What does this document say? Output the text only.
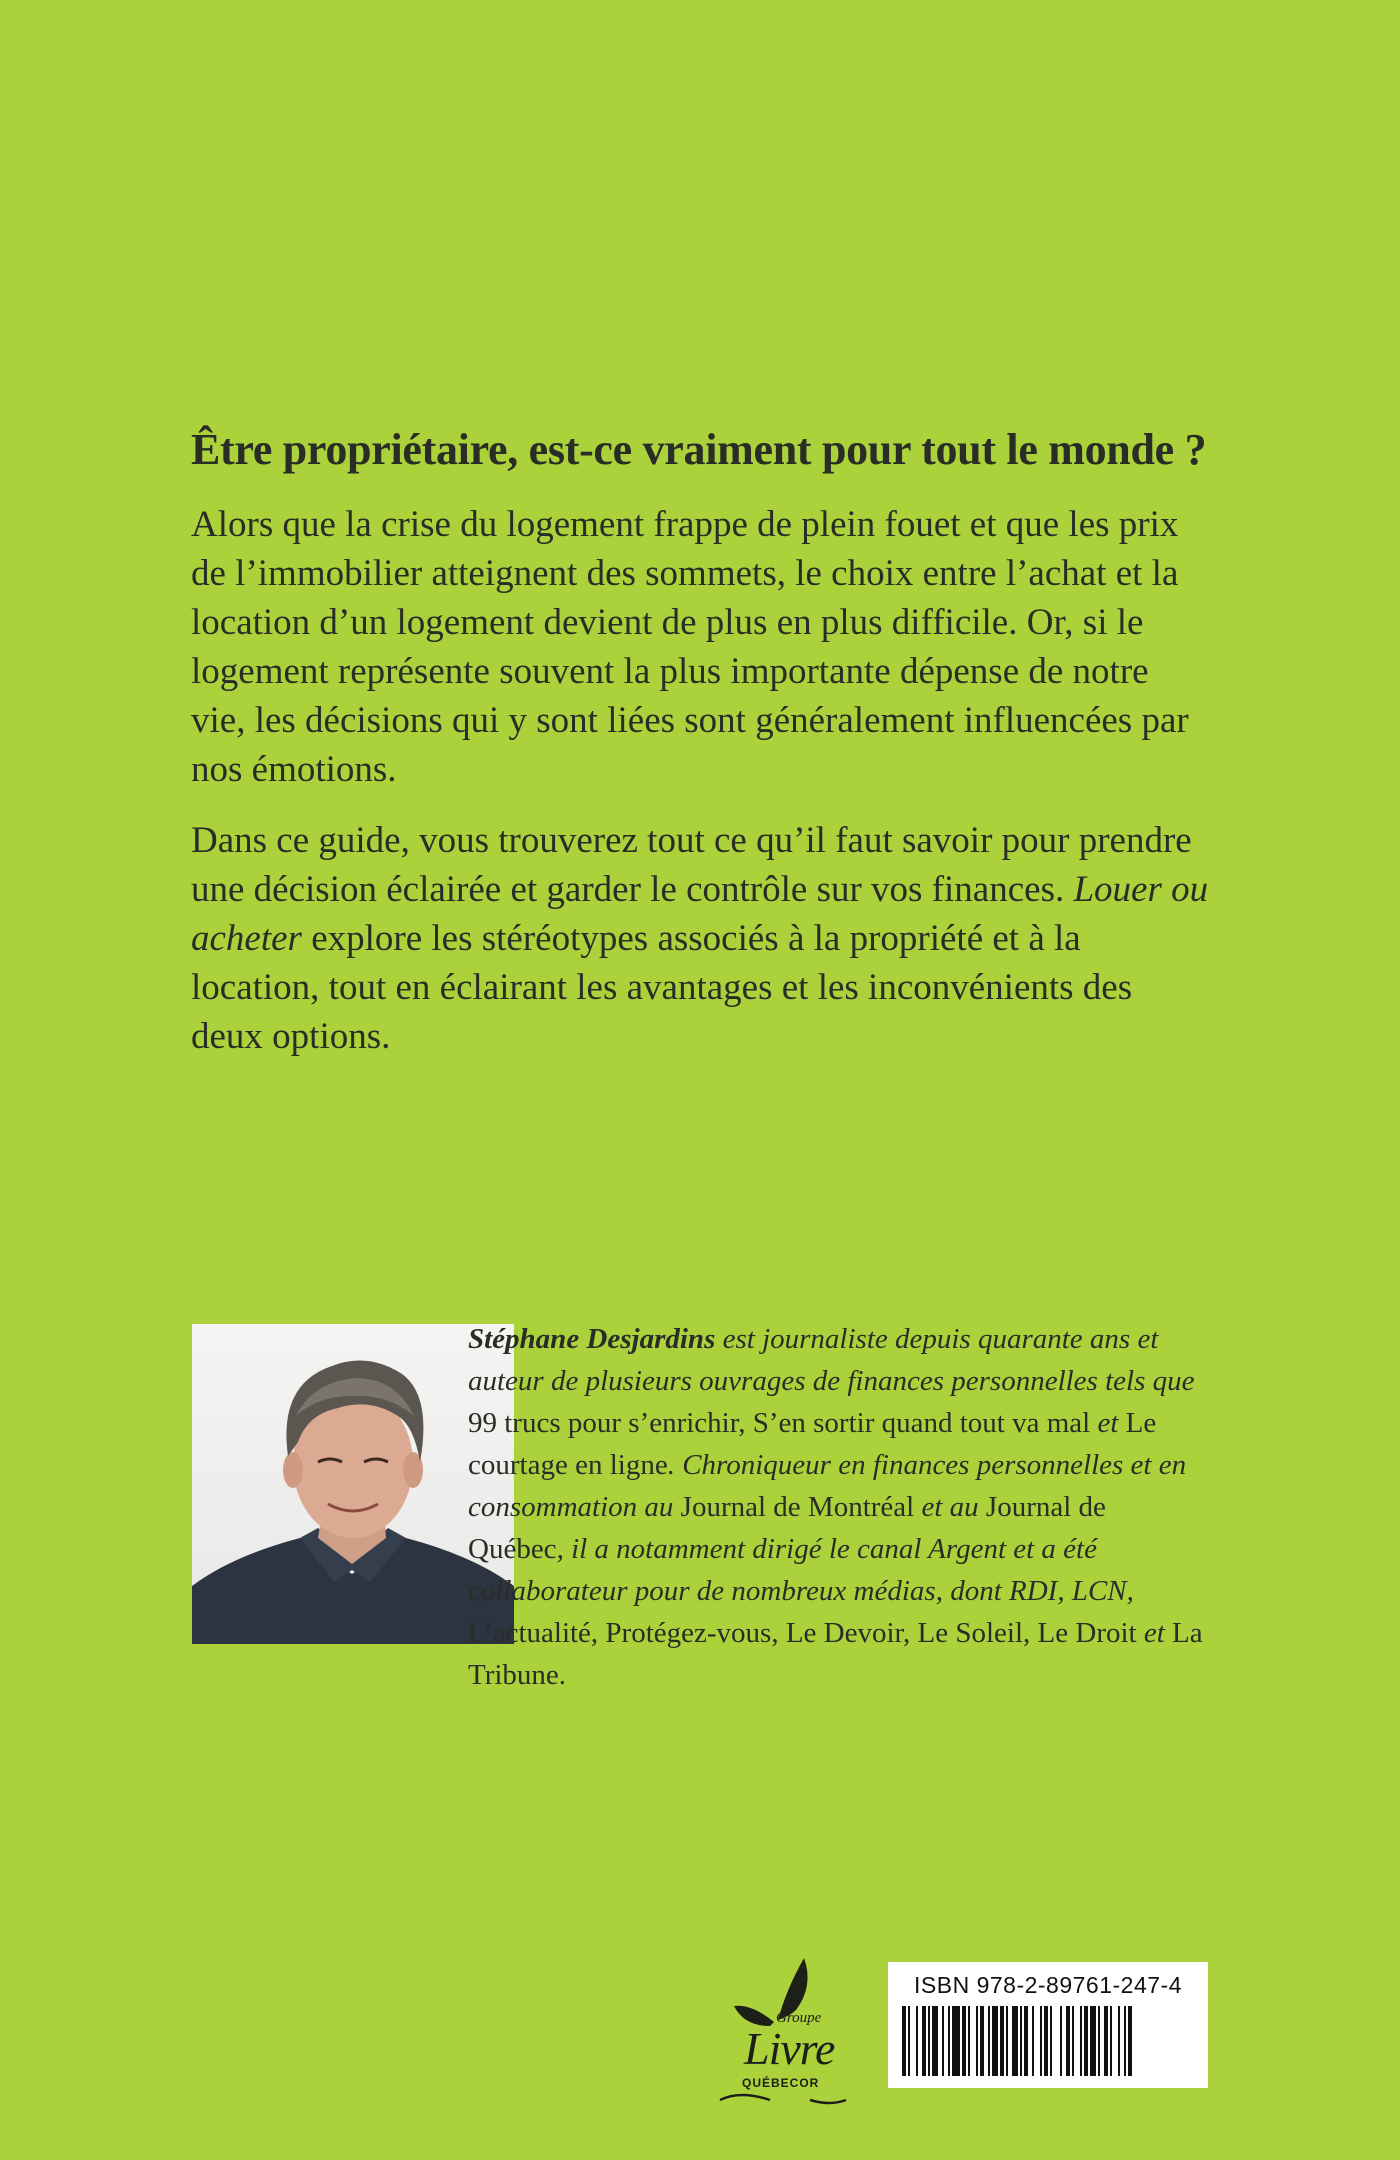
Être propriétaire, est-ce vraiment pour tout le monde ?

Alors que la crise du logement frappe de plein fouet et que les prix de l’immobilier atteignent des sommets, le choix entre l’achat et la location d’un logement devient de plus en plus difficile. Or, si le logement représente souvent la plus importante dépense de notre vie, les décisions qui y sont liées sont généralement influencées par nos émotions.

Dans ce guide, vous trouverez tout ce qu’il faut savoir pour prendre une décision éclairée et garder le contrôle sur vos finances. Louer ou acheter explore les stéréotypes associés à la propriété et à la location, tout en éclairant les avantages et les inconvénients des deux options.

Stéphane Desjardins est journaliste depuis quarante ans et auteur de plusieurs ouvrages de finances personnelles tels que 99 trucs pour s’enrichir, S’en sortir quand tout va mal et Le courtage en ligne. Chroniqueur en finances personnelles et en consommation au Journal de Montréal et au Journal de Québec, il a notamment dirigé le canal Argent et a été collaborateur pour de nombreux médias, dont RDI, LCN, L’actualité, Protégez-vous, Le Devoir, Le Soleil, Le Droit et La Tribune.

Groupe
Livre
QUÉBECOR

ISBN 978-2-89761-247-4
